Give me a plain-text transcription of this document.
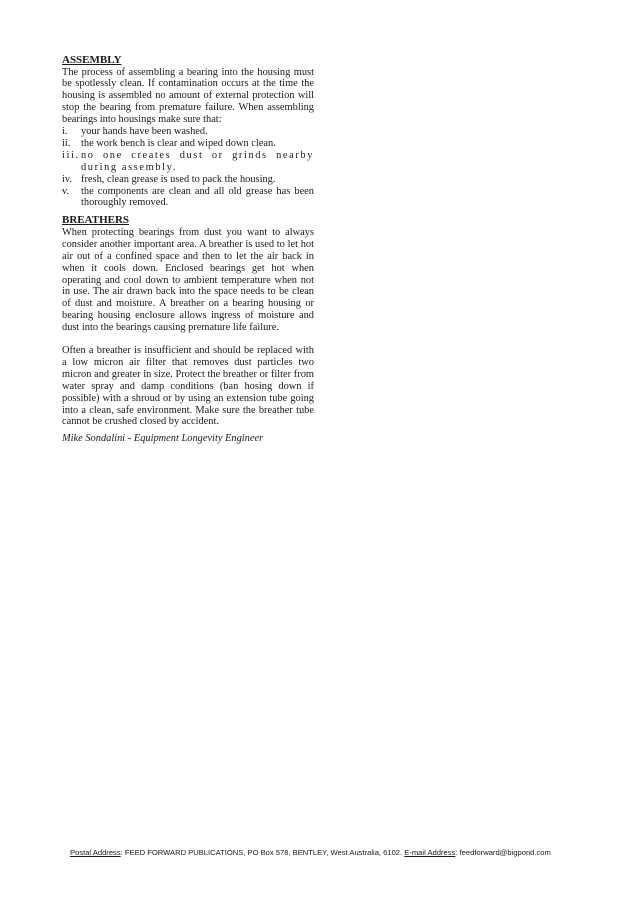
ASSEMBLY

The process of assembling a bearing into the housing must be spotlessly clean. If contamination occurs at the time the housing is assembled no amount of external protection will stop the bearing from premature failure. When assembling bearings into housings make sure that:

i.	your hands have been washed.
ii.	the work bench is clear and wiped down clean.
iii. no one creates dust or grinds nearby during assembly.
iv. fresh, clean grease is used to pack the housing.
v.	the components are clean and all old grease has been thoroughly removed.

BREATHERS

When protecting bearings from dust you want to always consider another important area. A breather is used to let hot air out of a confined space and then to let the air back in when it cools down. Enclosed bearings get hot when operating and cool down to ambient temperature when not in use. The air drawn back into the space needs to be clean of dust and moisture. A breather on a bearing housing or bearing housing enclosure allows ingress of moisture and dust into the bearings causing premature life failure.

Often a breather is insufficient and should be replaced with a low micron air filter that removes dust particles two micron and greater in size. Protect the breather or filter from water spray and damp conditions (ban hosing down if possible) with a shroud or by using an extension tube going into a clean, safe environment. Make sure the breather tube cannot be crushed closed by accident.

Mike Sondalini - Equipment Longevity Engineer

Postal Address: FEED FORWARD PUBLICATIONS, PO Box 578, BENTLEY, West Australia, 6102. E-mail Address: feedforward@bigpond.com
